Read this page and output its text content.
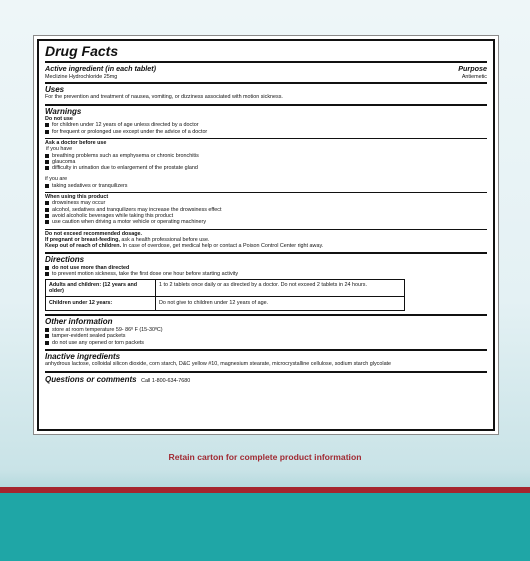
Drug Facts
Active ingredient (in each tablet)	Purpose
Meclizine Hydrochloride 25mg	Antiemetic
Uses
For the prevention and treatment of nausea, vomiting, or dizziness associated with motion sickness.
Warnings
Do not use
for children under 12 years of age unless directed by a doctor
for frequent or prolonged use except under the advice of a doctor
Ask a doctor before use
if you have
breathing problems such as emphysema or chronic bronchitis
glaucoma
difficulty in urination due to enlargement of the prostate gland
if you are
taking sedatives or tranquilizers
When using this product
drowsiness may occur
alcohol, sedatives and tranquilizers may increase the drowsiness effect
avoid alcoholic beverages while taking this product
use caution when driving a motor vehicle or operating machinery
Do not exceed recommended dosage.
If pregnant or breast-feeding, ask a health professional before use.
Keep out of reach of children. In case of overdose, get medical help or contact a Poison Control Center right away.
Directions
do not use more than directed
to prevent motion sickness, take the first dose one hour before starting activity
Adults and children: (12 years and older)	1 to 2 tablets once daily or as directed by a doctor. Do not exceed 2 tablets in 24 hours.
Children under 12 years:	Do not give to children under 12 years of age.
Other information
store at room temperature 59- 86º F (15-30ºC)
tamper-evident sealed packets
do not use any opened or torn packets
Inactive ingredients
anhydrous lactose, colloidal silicon dioxide, corn starch, D&C yellow #10, magnesium stearate, microcrystalline cellulose, sodium starch glycolate
Questions or comments Call 1-800-634-7680
Retain carton for complete product information
